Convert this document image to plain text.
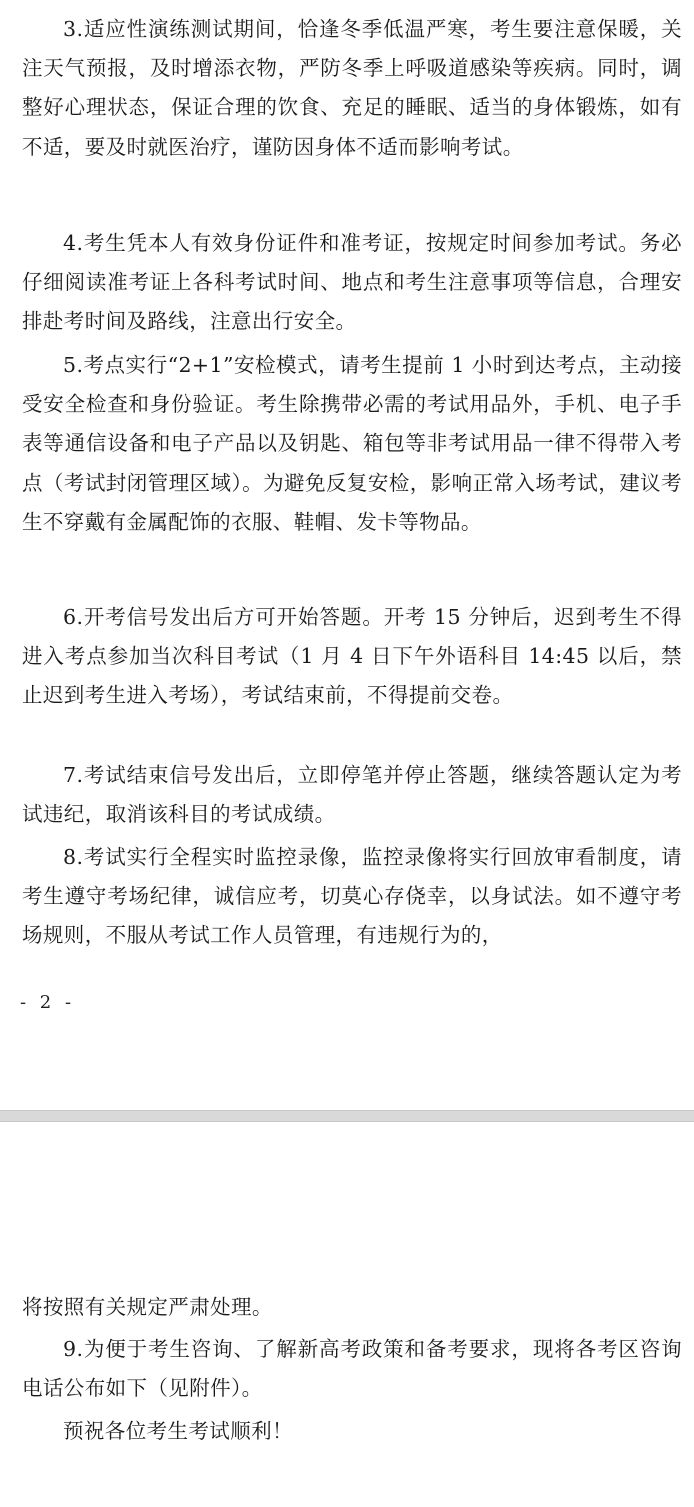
3.适应性演练测试期间，恰逢冬季低温严寒，考生要注意保暖，关注天气预报，及时增添衣物，严防冬季上呼吸道感染等疾病。同时，调整好心理状态，保证合理的饮食、充足的睡眠、适当的身体锻炼，如有不适，要及时就医治疗，谨防因身体不适而影响考试。

4.考生凭本人有效身份证件和准考证，按规定时间参加考试。务必仔细阅读准考证上各科考试时间、地点和考生注意事项等信息，合理安排赴考时间及路线，注意出行安全。

5.考点实行“2+1”安检模式，请考生提前 1 小时到达考点，主动接受安全检查和身份验证。考生除携带必需的考试用品外，手机、电子手表等通信设备和电子产品以及钥匙、箱包等非考试用品一律不得带入考点（考试封闭管理区域）。为避免反复安检，影响正常入场考试，建议考生不穿戴有金属配饰的衣服、鞋帽、发卡等物品。

6.开考信号发出后方可开始答题。开考 15 分钟后，迟到考生不得进入考点参加当次科目考试（1 月 4 日下午外语科目 14:45 以后，禁止迟到考生进入考场），考试结束前，不得提前交卷。

7.考试结束信号发出后，立即停笔并停止答题，继续答题认定为考试违纪，取消该科目的考试成绩。

8.考试实行全程实时监控录像，监控录像将实行回放审看制度，请考生遵守考场纪律，诚信应考，切莫心存侥幸，以身试法。如不遵守考场规则，不服从考试工作人员管理，有违规行为的，

- 2 -

将按照有关规定严肃处理。

9.为便于考生咨询、了解新高考政策和备考要求，现将各考区咨询电话公布如下（见附件）。

预祝各位考生考试顺利！
